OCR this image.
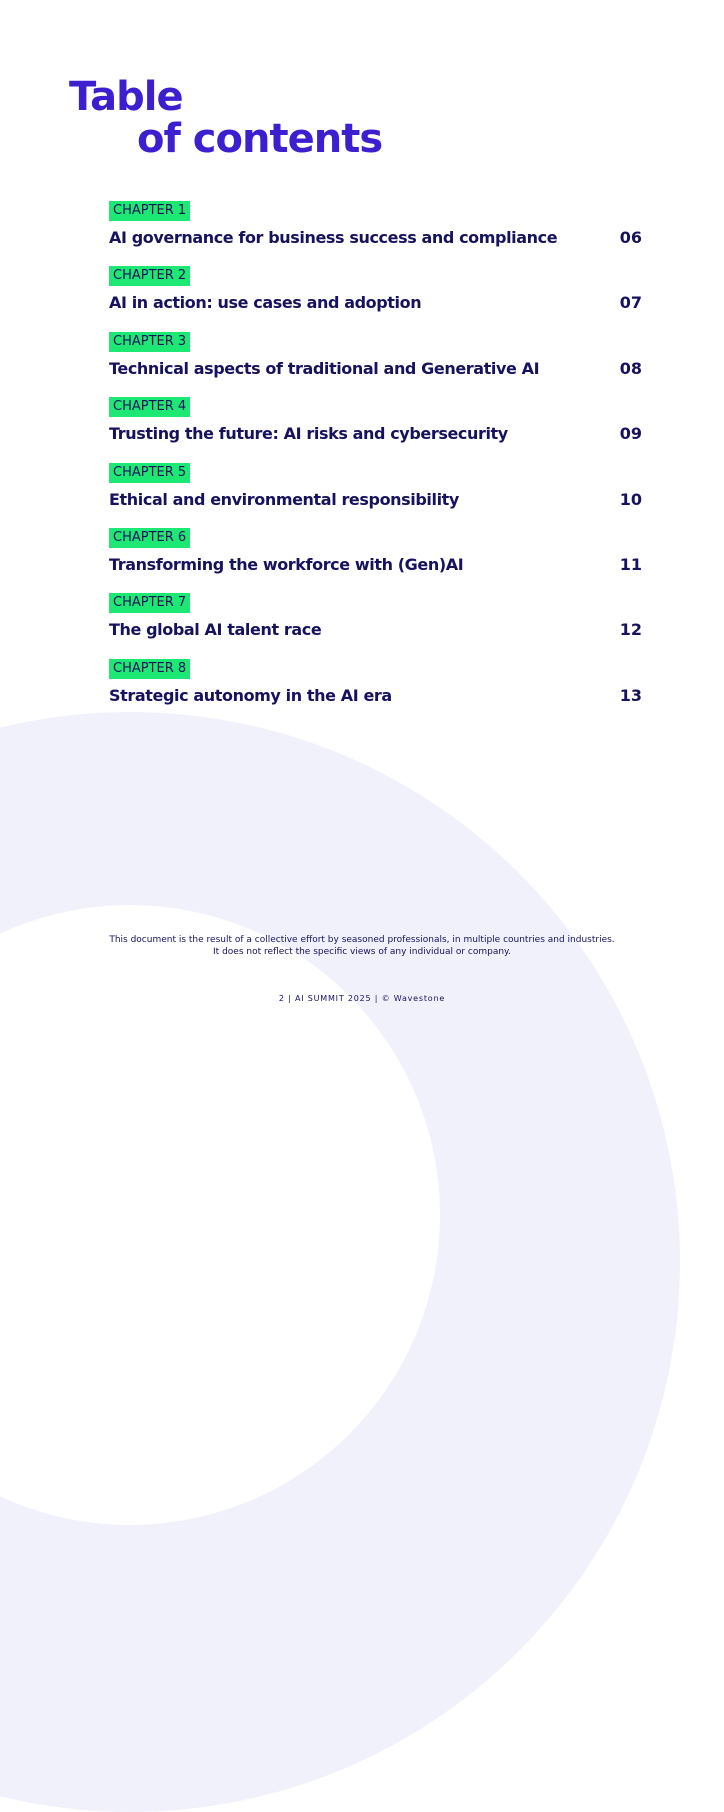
Table
of contents
CHAPTER 1
AI governance for business success and compliance	06
CHAPTER 2
AI in action: use cases and adoption	07
CHAPTER 3
Technical aspects of traditional and Generative AI	08
CHAPTER 4
Trusting the future: AI risks and cybersecurity	09
CHAPTER 5
Ethical and environmental responsibility	10
CHAPTER 6
Transforming the workforce with (Gen)AI	11
CHAPTER 7
The global AI talent race	12
CHAPTER 8
Strategic autonomy in the AI era	13
This document is the result of a collective effort by seasoned professionals, in multiple countries and industries.
It does not reflect the specific views of any individual or company.
2 | AI SUMMIT 2025 | © Wavestone
